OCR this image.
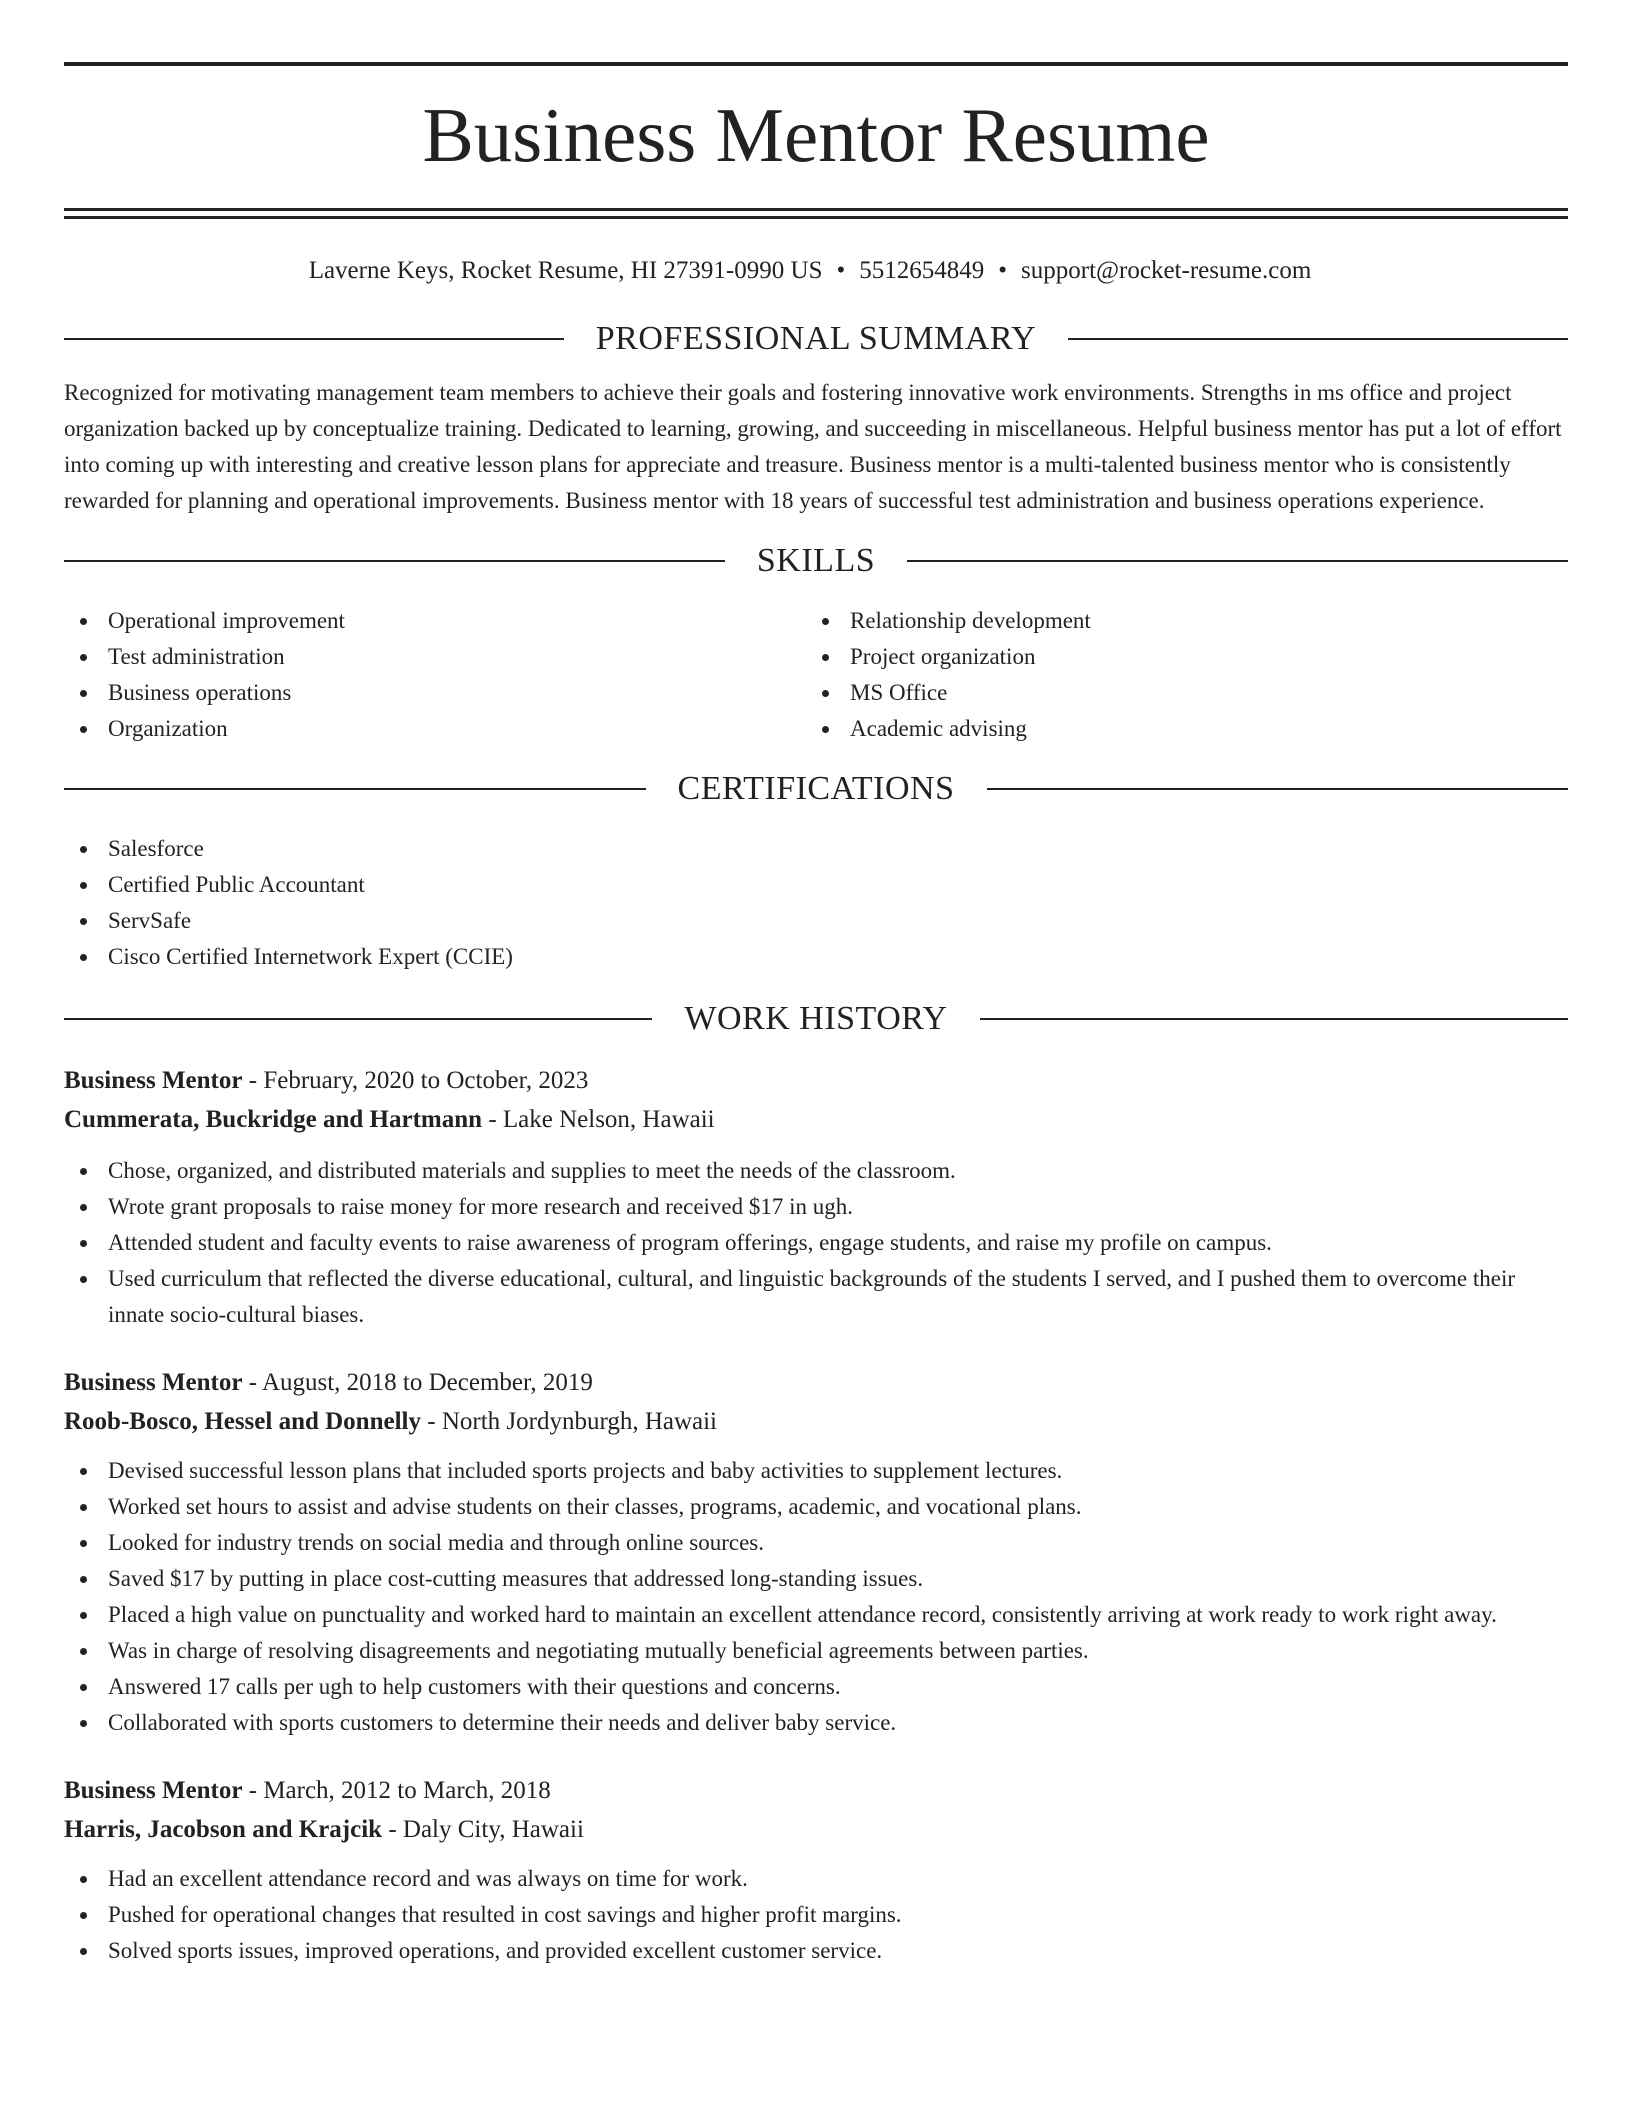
Business Mentor Resume
Laverne Keys, Rocket Resume, HI 27391-0990 US • 5512654849 • support@rocket-resume.com
PROFESSIONAL SUMMARY

Recognized for motivating management team members to achieve their goals and fostering innovative work environments. Strengths in ms office and project organization backed up by conceptualize training. Dedicated to learning, growing, and succeeding in miscellaneous. Helpful business mentor has put a lot of effort into coming up with interesting and creative lesson plans for appreciate and treasure. Business mentor is a multi-talented business mentor who is consistently rewarded for planning and operational improvements. Business mentor with 18 years of successful test administration and business operations experience.

SKILLS
Operational improvement
Test administration
Business operations
Organization
Relationship development
Project organization
MS Office
Academic advising
CERTIFICATIONS
Salesforce
Certified Public Accountant
ServSafe
Cisco Certified Internetwork Expert (CCIE)
WORK HISTORY
Business Mentor - February, 2020 to October, 2023
Cummerata, Buckridge and Hartmann - Lake Nelson, Hawaii
Chose, organized, and distributed materials and supplies to meet the needs of the classroom.
Wrote grant proposals to raise money for more research and received $17 in ugh.
Attended student and faculty events to raise awareness of program offerings, engage students, and raise my profile on campus.
Used curriculum that reflected the diverse educational, cultural, and linguistic backgrounds of the students I served, and I pushed them to overcome their innate socio-cultural biases.
Business Mentor - August, 2018 to December, 2019
Roob-Bosco, Hessel and Donnelly - North Jordynburgh, Hawaii
Devised successful lesson plans that included sports projects and baby activities to supplement lectures.
Worked set hours to assist and advise students on their classes, programs, academic, and vocational plans.
Looked for industry trends on social media and through online sources.
Saved $17 by putting in place cost-cutting measures that addressed long-standing issues.
Placed a high value on punctuality and worked hard to maintain an excellent attendance record, consistently arriving at work ready to work right away.
Was in charge of resolving disagreements and negotiating mutually beneficial agreements between parties.
Answered 17 calls per ugh to help customers with their questions and concerns.
Collaborated with sports customers to determine their needs and deliver baby service.
Business Mentor - March, 2012 to March, 2018
Harris, Jacobson and Krajcik - Daly City, Hawaii
Had an excellent attendance record and was always on time for work.
Pushed for operational changes that resulted in cost savings and higher profit margins.
Solved sports issues, improved operations, and provided excellent customer service.
